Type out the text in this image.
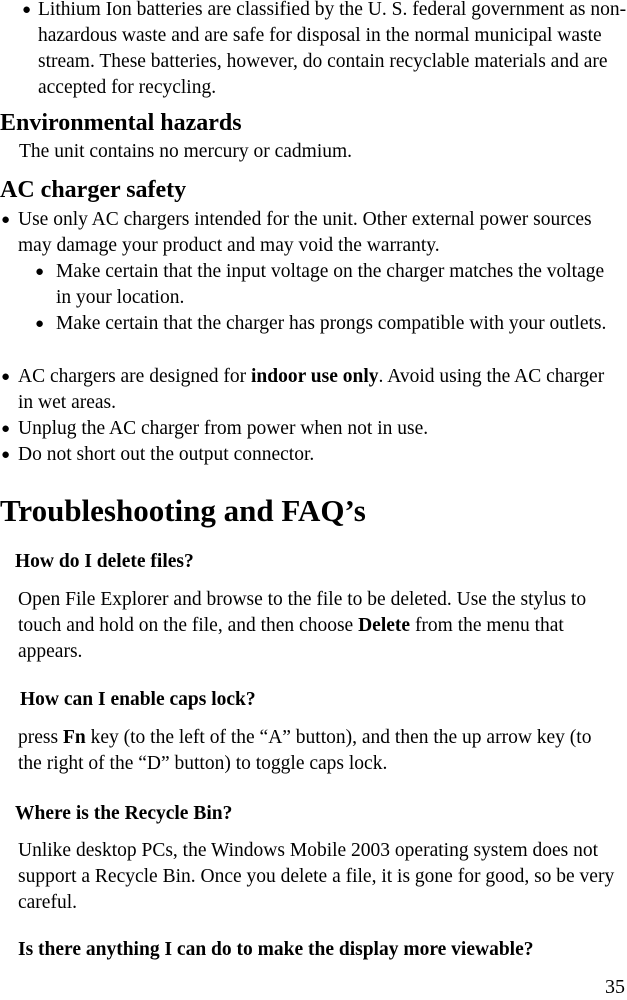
● Lithium Ion batteries are classified by the U. S. federal government as non-hazardous waste and are safe for disposal in the normal municipal waste stream. These batteries, however, do contain recyclable materials and are accepted for recycling.
Environmental hazards

The unit contains no mercury or cadmium.

AC charger safety
● Use only AC chargers intended for the unit. Other external power sources may damage your product and may void the warranty.
● Make certain that the input voltage on the charger matches the voltage in your location.
● Make certain that the charger has prongs compatible with your outlets.
● AC chargers are designed for indoor use only. Avoid using the AC charger in wet areas.
● Unplug the AC charger from power when not in use.
● Do not short out the output connector.
Troubleshooting and FAQ’s
How do I delete files?

Open File Explorer and browse to the file to be deleted. Use the stylus to touch and hold on the file, and then choose Delete from the menu that appears.

How can I enable caps lock?

press Fn key (to the left of the “A” button), and then the up arrow key (to the right of the “D” button) to toggle caps lock.

Where is the Recycle Bin?

Unlike desktop PCs, the Windows Mobile 2003 operating system does not support a Recycle Bin. Once you delete a file, it is gone for good, so be very careful.

Is there anything I can do to make the display more viewable?
35
